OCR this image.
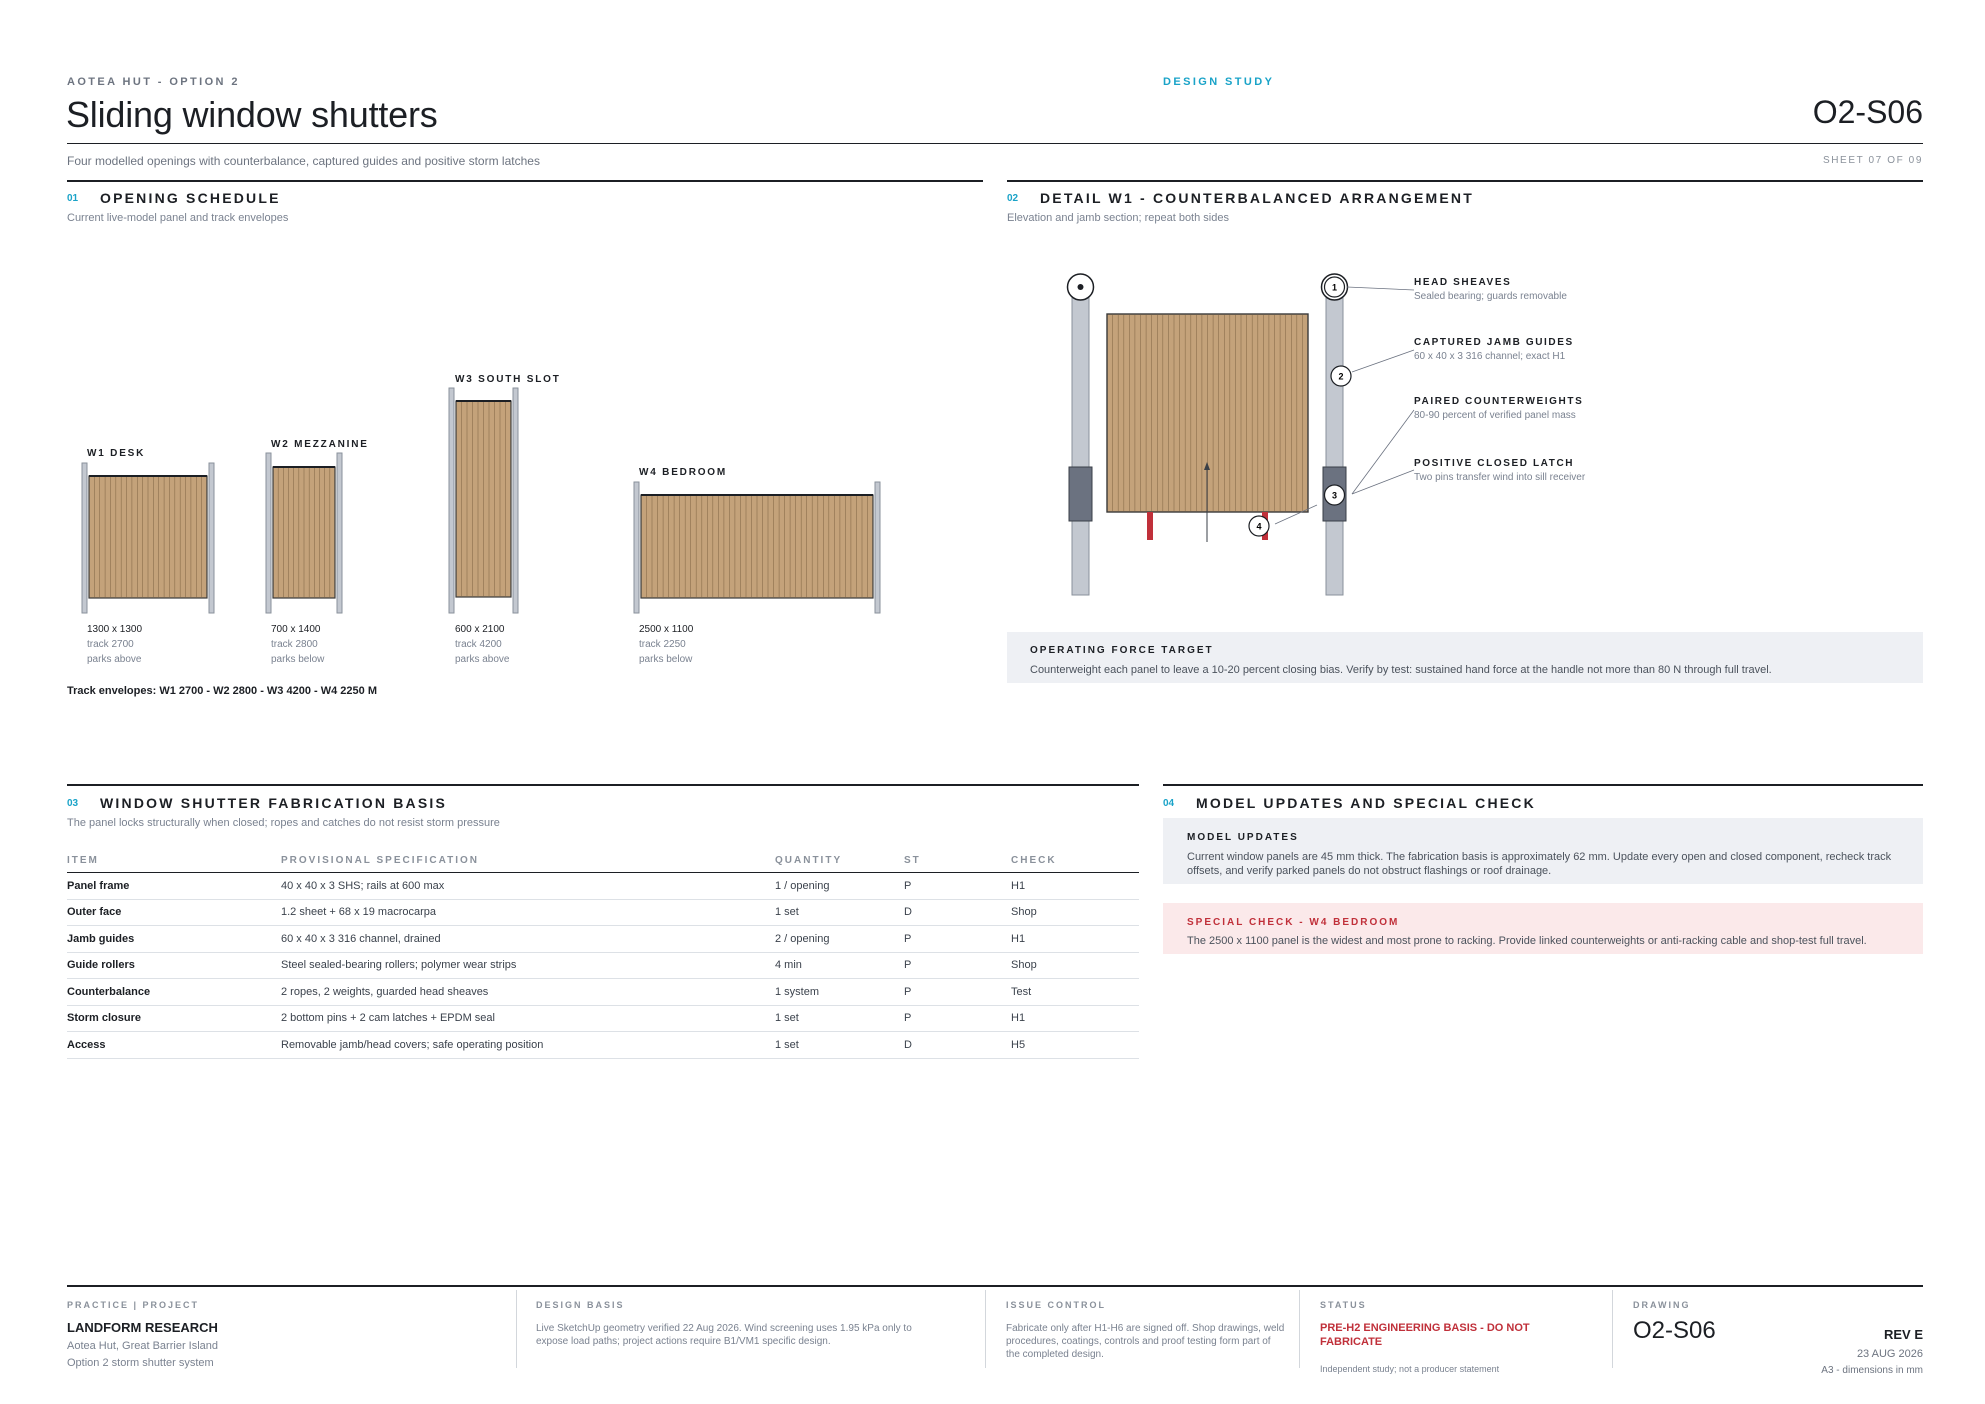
AOTEA HUT - OPTION 2	DESIGN STUDY
Sliding window shutters	O2-S06
Four modelled openings with counterbalance, captured guides and positive storm latches	SHEET 07 OF 09
01 OPENING SCHEDULE
Current live-model panel and track envelopes
W1 DESK
1300 x 1300
track 2700
parks above
W2 MEZZANINE
700 x 1400
track 2800
parks below
W3 SOUTH SLOT
600 x 2100
track 4200
parks above
W4 BEDROOM
2500 x 1100
track 2250
parks below
Track envelopes: W1 2700 - W2 2800 - W3 4200 - W4 2250 M
02 DETAIL W1 - COUNTERBALANCED ARRANGEMENT
Elevation and jamb section; repeat both sides
1
2
3
4
HEAD SHEAVES
Sealed bearing; guards removable
CAPTURED JAMB GUIDES
60 x 40 x 3 316 channel; exact H1
PAIRED COUNTERWEIGHTS
80-90 percent of verified panel mass
POSITIVE CLOSED LATCH
Two pins transfer wind into sill receiver
OPERATING FORCE TARGET
Counterweight each panel to leave a 10-20 percent closing bias. Verify by test: sustained hand force at the handle not more than 80 N through full travel.
03 WINDOW SHUTTER FABRICATION BASIS
The panel locks structurally when closed; ropes and catches do not resist storm pressure
ITEM	PROVISIONAL SPECIFICATION	QUANTITY	ST	CHECK
Panel frame	40 x 40 x 3 SHS; rails at 600 max	1 / opening	P	H1
Outer face	1.2 sheet + 68 x 19 macrocarpa	1 set	D	Shop
Jamb guides	60 x 40 x 3 316 channel, drained	2 / opening	P	H1
Guide rollers	Steel sealed-bearing rollers; polymer wear strips	4 min	P	Shop
Counterbalance	2 ropes, 2 weights, guarded head sheaves	1 system	P	Test
Storm closure	2 bottom pins + 2 cam latches + EPDM seal	1 set	P	H1
Access	Removable jamb/head covers; safe operating position	1 set	D	H5
04 MODEL UPDATES AND SPECIAL CHECK
MODEL UPDATES
Current window panels are 45 mm thick. The fabrication basis is approximately 62 mm. Update every open and closed component, recheck track offsets, and verify parked panels do not obstruct flashings or roof drainage.
SPECIAL CHECK - W4 BEDROOM
The 2500 x 1100 panel is the widest and most prone to racking. Provide linked counterweights or anti-racking cable and shop-test full travel.
PRACTICE | PROJECT
LANDFORM RESEARCH
Aotea Hut, Great Barrier Island
Option 2 storm shutter system
DESIGN BASIS
Live SketchUp geometry verified 22 Aug 2026. Wind screening uses 1.95 kPa only to expose load paths; project actions require B1/VM1 specific design.
ISSUE CONTROL
Fabricate only after H1-H6 are signed off. Shop drawings, weld procedures, coatings, controls and proof testing form part of the completed design.
STATUS
PRE-H2 ENGINEERING BASIS - DO NOT FABRICATE
Independent study; not a producer statement
DRAWING
O2-S06	REV E
23 AUG 2026
A3 - dimensions in mm
